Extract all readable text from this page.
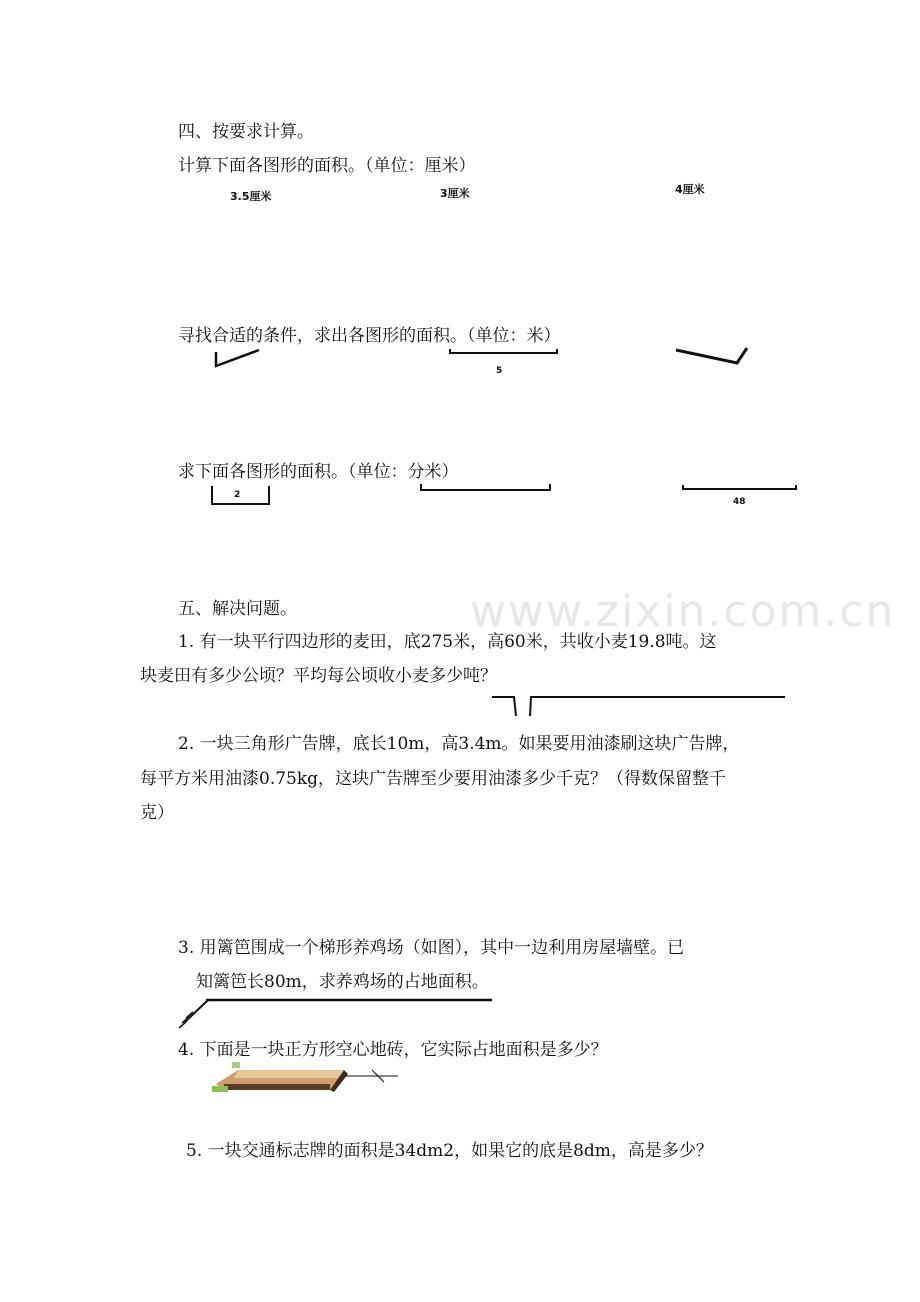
www.zixin.com.cn
四、按要求计算。
计算下面各图形的面积。（单位：厘米）
3.5厘米	3厘米	4厘米
寻找合适的条件，求出各图形的面积。（单位：米）
5
求下面各图形的面积。（单位：分米）
2
48
五、解决问题。
1. 有一块平行四边形的麦田，底275米，高60米，共收小麦19.8吨。这
块麦田有多少公顷？平均每公顷收小麦多少吨？
2. 一块三角形广告牌，底长10m，高3.4m。如果要用油漆刷这块广告牌，
每平方米用油漆0.75kg，这块广告牌至少要用油漆多少千克？（得数保留整千
克）
3. 用篱笆围成一个梯形养鸡场（如图），其中一边利用房屋墙壁。已
知篱笆长80m，求养鸡场的占地面积。
4. 下面是一块正方形空心地砖，它实际占地面积是多少？
5. 一块交通标志牌的面积是34dm2，如果它的底是8dm，高是多少？
